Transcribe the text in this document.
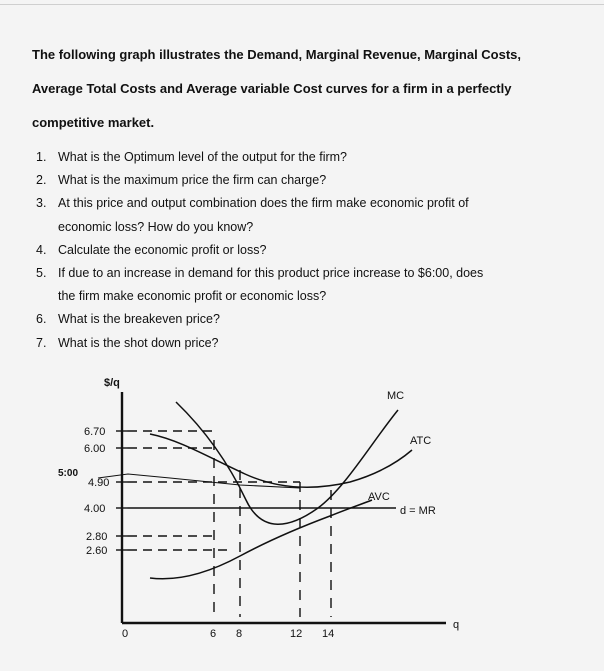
The following graph illustrates the Demand, Marginal Revenue, Marginal Costs, Average Total Costs and Average variable Cost curves for a firm in a perfectly competitive market.
1. What is the Optimum level of the output for the firm?
2. What is the maximum price the firm can charge?
3. At this price and output combination does the firm make economic profit of
economic loss? How do you know?
4. Calculate the economic profit or loss?
5. If due to an increase in demand for this product price increase to $6:00, does
the firm make economic profit or economic loss?
6. What is the breakeven price?
7. What is the shot down price?
$/q
q
6.70
6.00
4.90
4.00
2.80
2.60
5:00
0	6 8	12 14
MC
ATC
AVC
d = MR
